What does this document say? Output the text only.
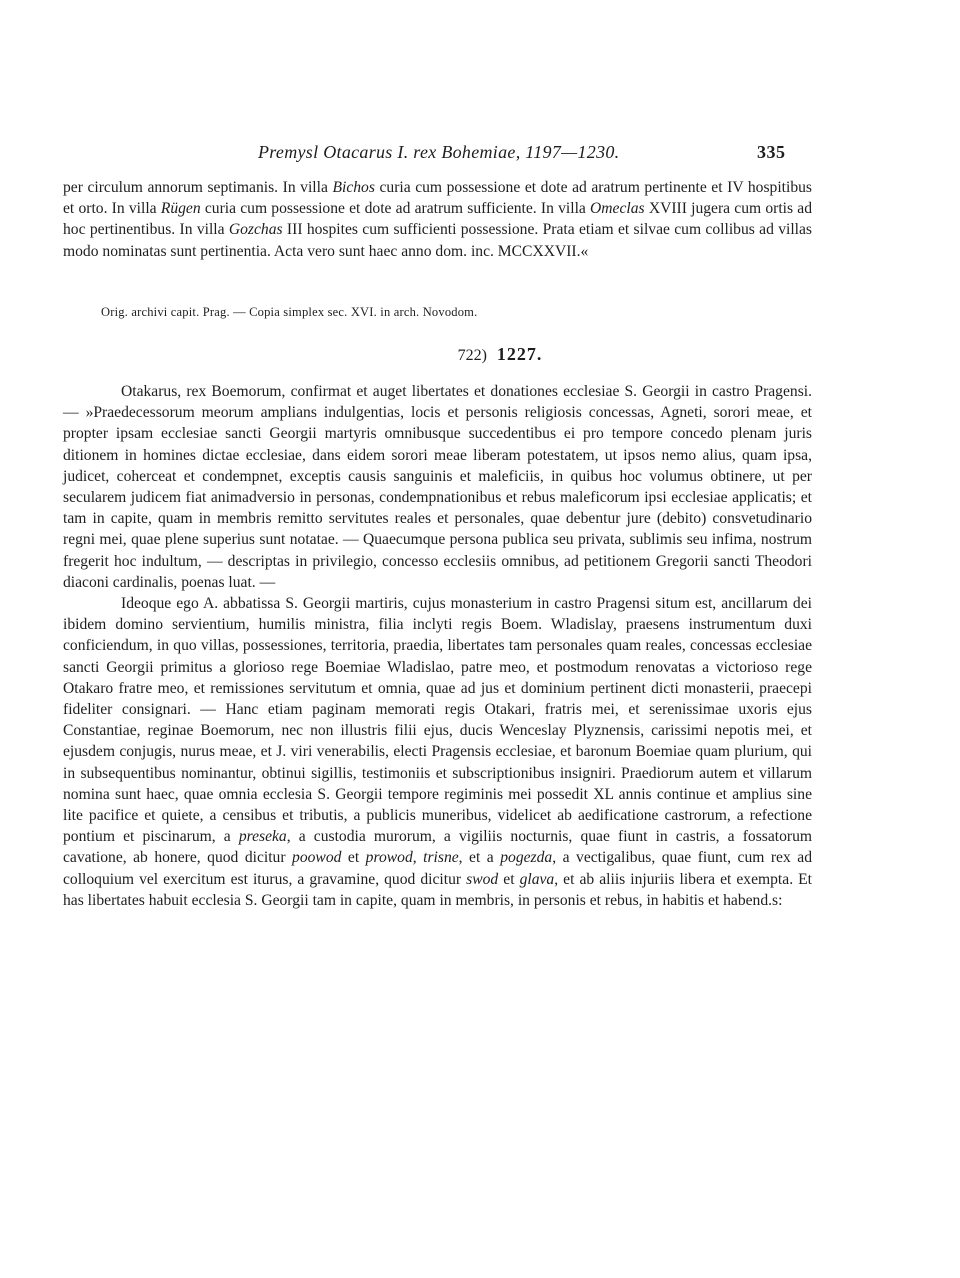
Premysl Otacarus I. rex Bohemiae, 1197—1230.	335

per circulum annorum septimanis. In villa Bichos curia cum possessione et dote ad aratrum pertinente et IV hospitibus et orto. In villa Rügen curia cum possessione et dote ad aratrum sufficiente. In villa Omeclas XVIII jugera cum ortis ad hoc pertinentibus. In villa Gozchas III hospites cum sufficienti possessione. Prata etiam et silvae cum collibus ad villas modo nominatas sunt pertinentia. Acta vero sunt haec anno dom. inc. MCCXXVII.«

Orig. archivi capit. Prag. — Copia simplex sec. XVI. in arch. Novodom.
722) 1227.

Otakarus, rex Boemorum, confirmat et auget libertates et donationes ecclesiae S. Georgii in castro Pragensi. — »Praedecessorum meorum amplians indulgentias, locis et personis religiosis concessas, Agneti, sorori meae, et propter ipsam ecclesiae sancti Georgii martyris omnibusque succedentibus ei pro tempore concedo plenam juris ditionem in homines dictae ecclesiae, dans eidem sorori meae liberam potestatem, ut ipsos nemo alius, quam ipsa, judicet, coherceat et condempnet, exceptis causis sanguinis et maleficiis, in quibus hoc volumus obtinere, ut per secularem judicem fiat animadversio in personas, condempnationibus et rebus maleficorum ipsi ecclesiae applicatis; et tam in capite, quam in membris remitto servitutes reales et personales, quae debentur jure (debito) consvetudinario regni mei, quae plene superius sunt notatae. — Quaecumque persona publica seu privata, sublimis seu infima, nostrum fregerit hoc indultum, — descriptas in privilegio, concesso ecclesiis omnibus, ad petitionem Gregorii sancti Theodori diaconi cardinalis, poenas luat. —

Ideoque ego A. abbatissa S. Georgii martiris, cujus monasterium in castro Pragensi situm est, ancillarum dei ibidem domino servientium, humilis ministra, filia inclyti regis Boem. Wladislay, praesens instrumentum duxi conficiendum, in quo villas, possessiones, territoria, praedia, libertates tam personales quam reales, concessas ecclesiae sancti Georgii primitus a glorioso rege Boemiae Wladislao, patre meo, et postmodum renovatas a victorioso rege Otakaro fratre meo, et remissiones servitutum et omnia, quae ad jus et dominium pertinent dicti monasterii, praecepi fideliter consignari. — Hanc etiam paginam memorati regis Otakari, fratris mei, et serenissimae uxoris ejus Constantiae, reginae Boemorum, nec non illustris filii ejus, ducis Wenceslay Plyznensis, carissimi nepotis mei, et ejusdem conjugis, nurus meae, et J. viri venerabilis, electi Pragensis ecclesiae, et baronum Boemiae quam plurium, qui in subsequentibus nominantur, obtinui sigillis, testimoniis et subscriptionibus insigniri. Praediorum autem et villarum nomina sunt haec, quae omnia ecclesia S. Georgii tempore regiminis mei possedit XL annis continue et amplius sine lite pacifice et quiete, a censibus et tributis, a publicis muneribus, videlicet ab aedificatione castrorum, a refectione pontium et piscinarum, a preseka, a custodia murorum, a vigiliis nocturnis, quae fiunt in castris, a fossatorum cavatione, ab honere, quod dicitur poowod et prowod, trisne, et a pogezda, a vectigalibus, quae fiunt, cum rex ad colloquium vel exercitum est iturus, a gravamine, quod dicitur swod et glava, et ab aliis injuriis libera et exempta. Et has libertates habuit ecclesia S. Georgii tam in capite, quam in membris, in personis et rebus, in habitis et habend.s:
